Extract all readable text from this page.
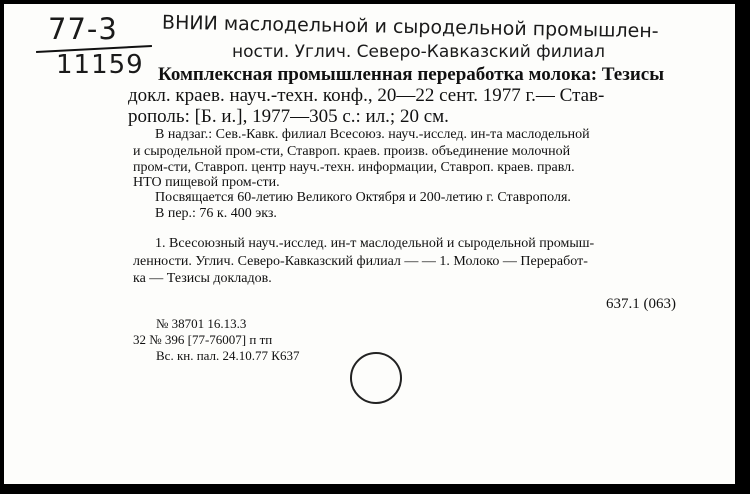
77-3
11159
ВНИИ маслодельной и сыродельной промышлен-
ности. Углич. Северо-Кавказский филиал
Комплексная промышленная переработка молока: Тезисы
докл. краев. науч.-техн. конф., 20—22 сент. 1977 г.— Став-
рополь: [Б. и.], 1977—305 с.: ил.; 20 см.
В надзаг.: Сев.-Кавк. филиал Всесоюз. науч.-исслед. ин-та маслодельной
и сыродельной пром-сти, Ставроп. краев. произв. объединение молочной
пром-сти, Ставроп. центр науч.-техн. информации, Ставроп. краев. правл.
НТО пищевой пром-сти.
Посвящается 60-летию Великого Октября и 200-летию г. Ставрополя.
В пер.: 76 к. 400 экз.
1. Всесоюзный науч.-исслед. ин-т маслодельной и сыродельной промыш-
ленности. Углич. Северо-Кавказский филиал — — 1. Молоко — Переработ-
ка — Тезисы докладов.
637.1 (063)
№ 38701 16.13.3
32 № 396 [77-76007] п тп
Вс. кн. пал. 24.10.77 К637
